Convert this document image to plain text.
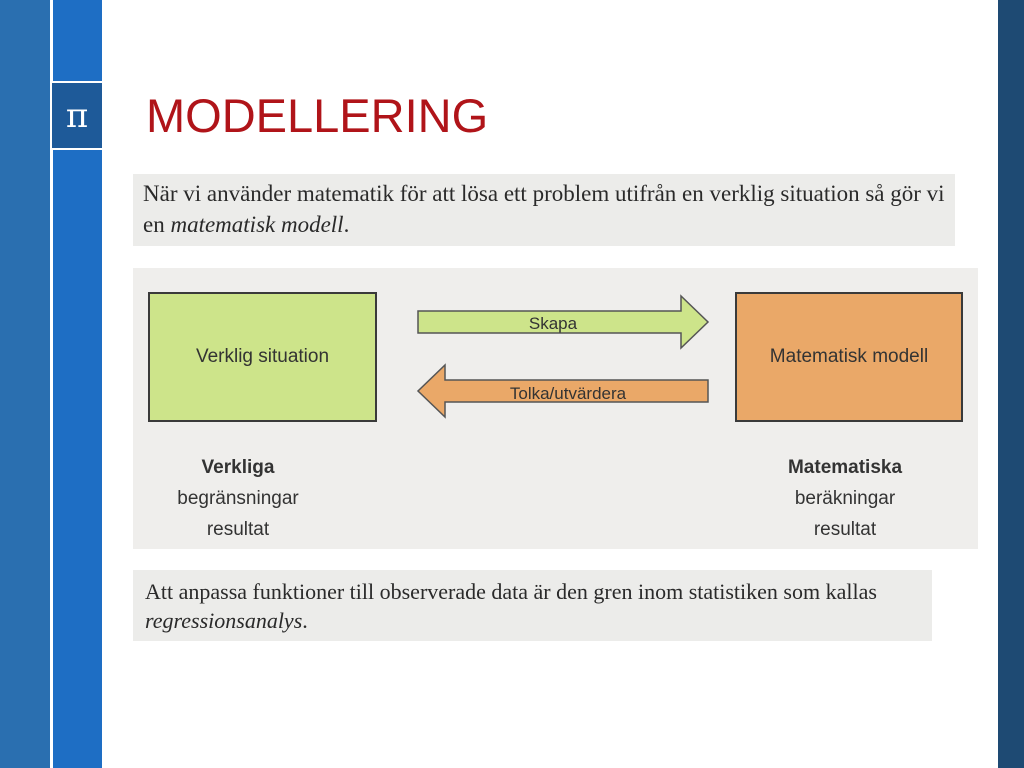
π MODELLERING
När vi använder matematik för att lösa ett problem utifrån en verklig situation så gör vi en matematisk modell.
Verklig situation	Matematisk modell
Skapa
Tolka/utvärdera
Verkliga
begränsningar
resultat
Matematiska
beräkningar
resultat
Att anpassa funktioner till observerade data är den gren inom statistiken som kallas regressionsanalys.
